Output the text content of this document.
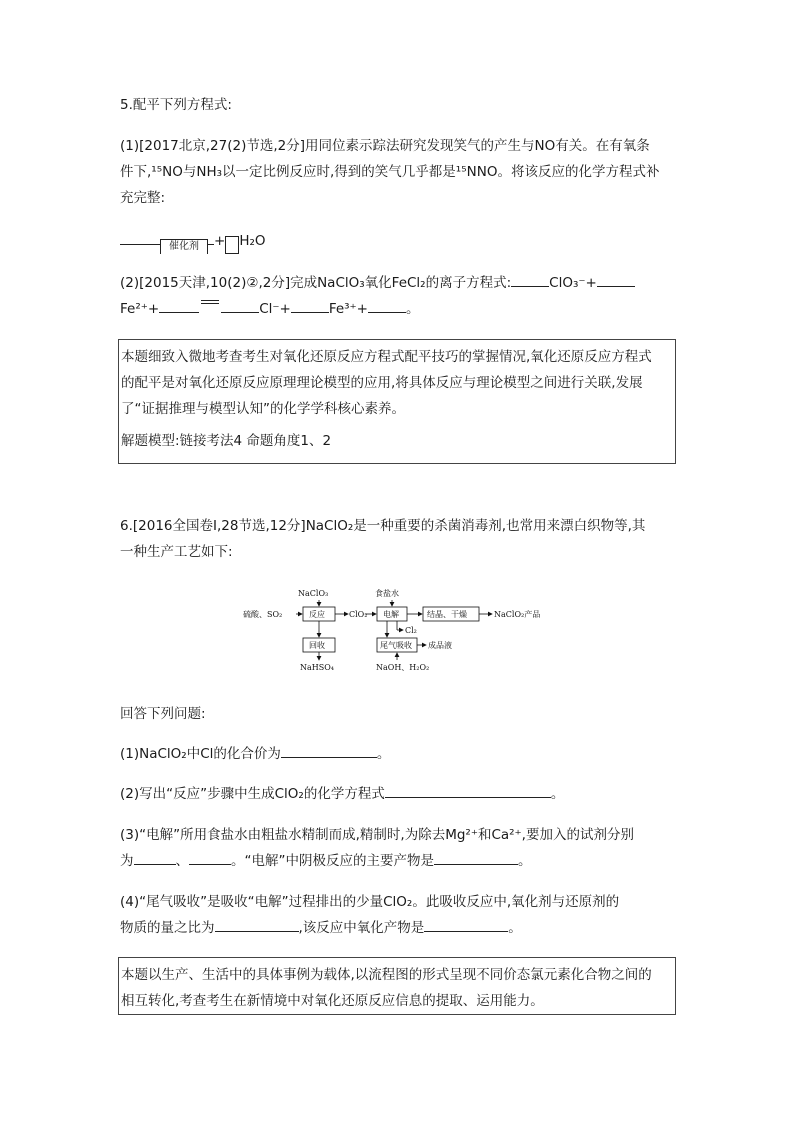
5.配平下列方程式:
(1)[2017北京,27(2)节选,2分]用同位素示踪法研究发现笑气的产生与NO有关。在有氧条
件下,¹⁵NO与NH₃以一定比例反应时,得到的笑气几乎都是¹⁵NNO。将该反应的化学方程式补
充完整:
催化剂 + H₂O
(2)[2015天津,10(2)②,2分]完成NaClO₃氧化FeCl₂的离子方程式:	ClO₃⁻+
Fe²⁺+	Cl⁻+	Fe³⁺+	。
本题细致入微地考查考生对氧化还原反应方程式配平技巧的掌握情况,氧化还原反应方程式
的配平是对氧化还原反应原理理论模型的应用,将具体反应与理论模型之间进行关联,发展
了“证据推理与模型认知”的化学学科核心素养。
解题模型:链接考法4 命题角度1、2
6.[2016全国卷Ⅰ,28节选,12分]NaClO₂是一种重要的杀菌消毒剂,也常用来漂白织物等,其
一种生产工艺如下:
NaClO₃	食盐水
硫酸、SO₂	反应	ClO₂ 电解	结晶、干燥	NaClO₂产品
Cl₂
回收	尾气吸收 成品液
NaHSO₄	NaOH、H₂O₂
回答下列问题:
(1)NaClO₂中Cl的化合价为	。
(2)写出“反应”步骤中生成ClO₂的化学方程式	。
(3)“电解”所用食盐水由粗盐水精制而成,精制时,为除去Mg²⁺和Ca²⁺,要加入的试剂分别
为	、	。“电解”中阴极反应的主要产物是	。
(4)“尾气吸收”是吸收“电解”过程排出的少量ClO₂。此吸收反应中,氧化剂与还原剂的
物质的量之比为	,该反应中氧化产物是	。
本题以生产、生活中的具体事例为载体,以流程图的形式呈现不同价态氯元素化合物之间的
相互转化,考查考生在新情境中对氧化还原反应信息的提取、运用能力。
